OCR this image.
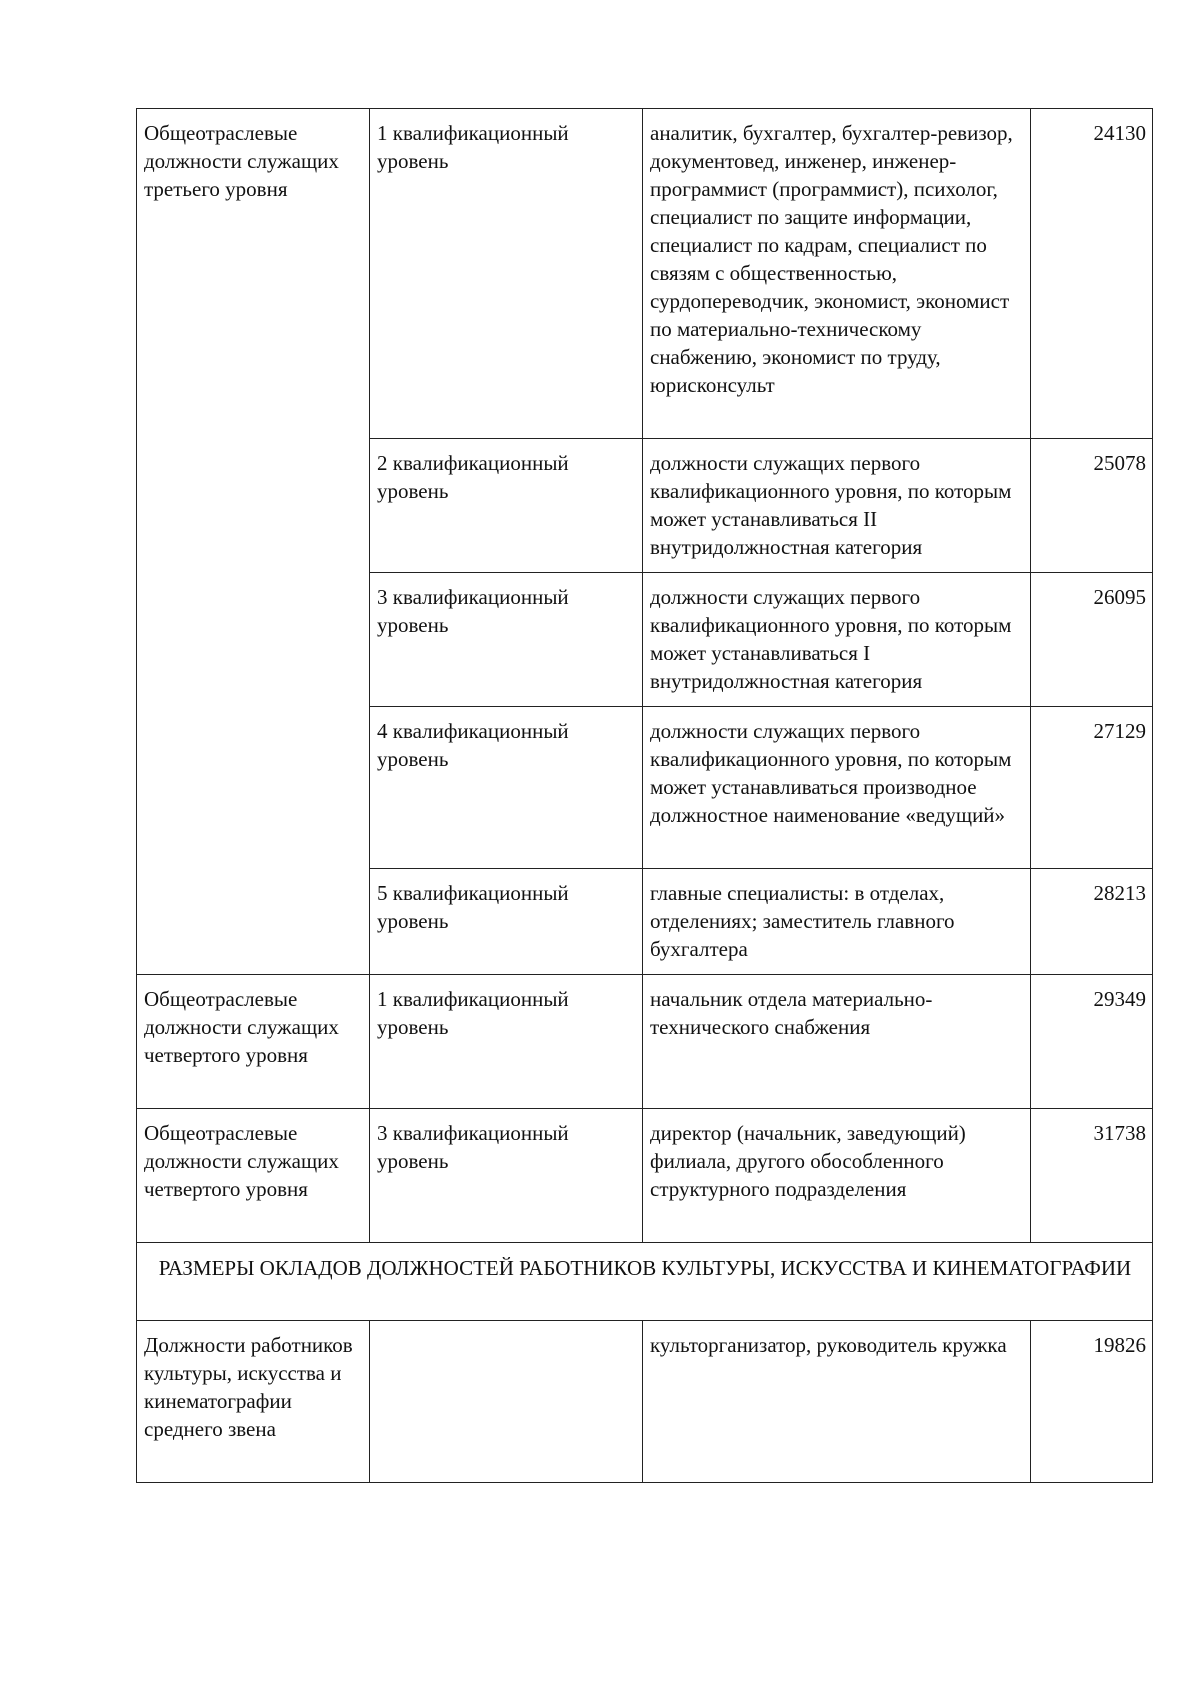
Общеотраслевые должности служащих третьего уровня	1 квалификационный уровень	аналитик, бухгалтер, бухгалтер-ревизор, документовед, инженер, инженер-программист (программист), психолог, специалист по защите информации, специалист по кадрам, специалист по связям с общественностью, сурдопереводчик, экономист, экономист по материально-техническому снабжению, экономист по труду, юрисконсульт	24130
	2 квалификационный уровень	должности служащих первого квалификационного уровня, по которым может устанавливаться II внутридолжностная категория	25078
	3 квалификационный уровень	должности служащих первого квалификационного уровня, по которым может устанавливаться I внутридолжностная категория	26095
	4 квалификационный уровень	должности служащих первого квалификационного уровня, по которым может устанавливаться производное должностное наименование «ведущий»	27129
	5 квалификационный уровень	главные специалисты: в отделах, отделениях; заместитель главного бухгалтера	28213
Общеотраслевые должности служащих четвертого уровня	1 квалификационный уровень	начальник отдела материально-технического снабжения	29349
Общеотраслевые должности служащих четвертого уровня	3 квалификационный уровень	директор (начальник, заведующий) филиала, другого обособленного структурного подразделения	31738
РАЗМЕРЫ ОКЛАДОВ ДОЛЖНОСТЕЙ РАБОТНИКОВ КУЛЬТУРЫ, ИСКУССТВА И КИНЕМАТОГРАФИИ			
Должности работников культуры, искусства и кинематографии среднего звена		культорганизатор, руководитель кружка	19826
